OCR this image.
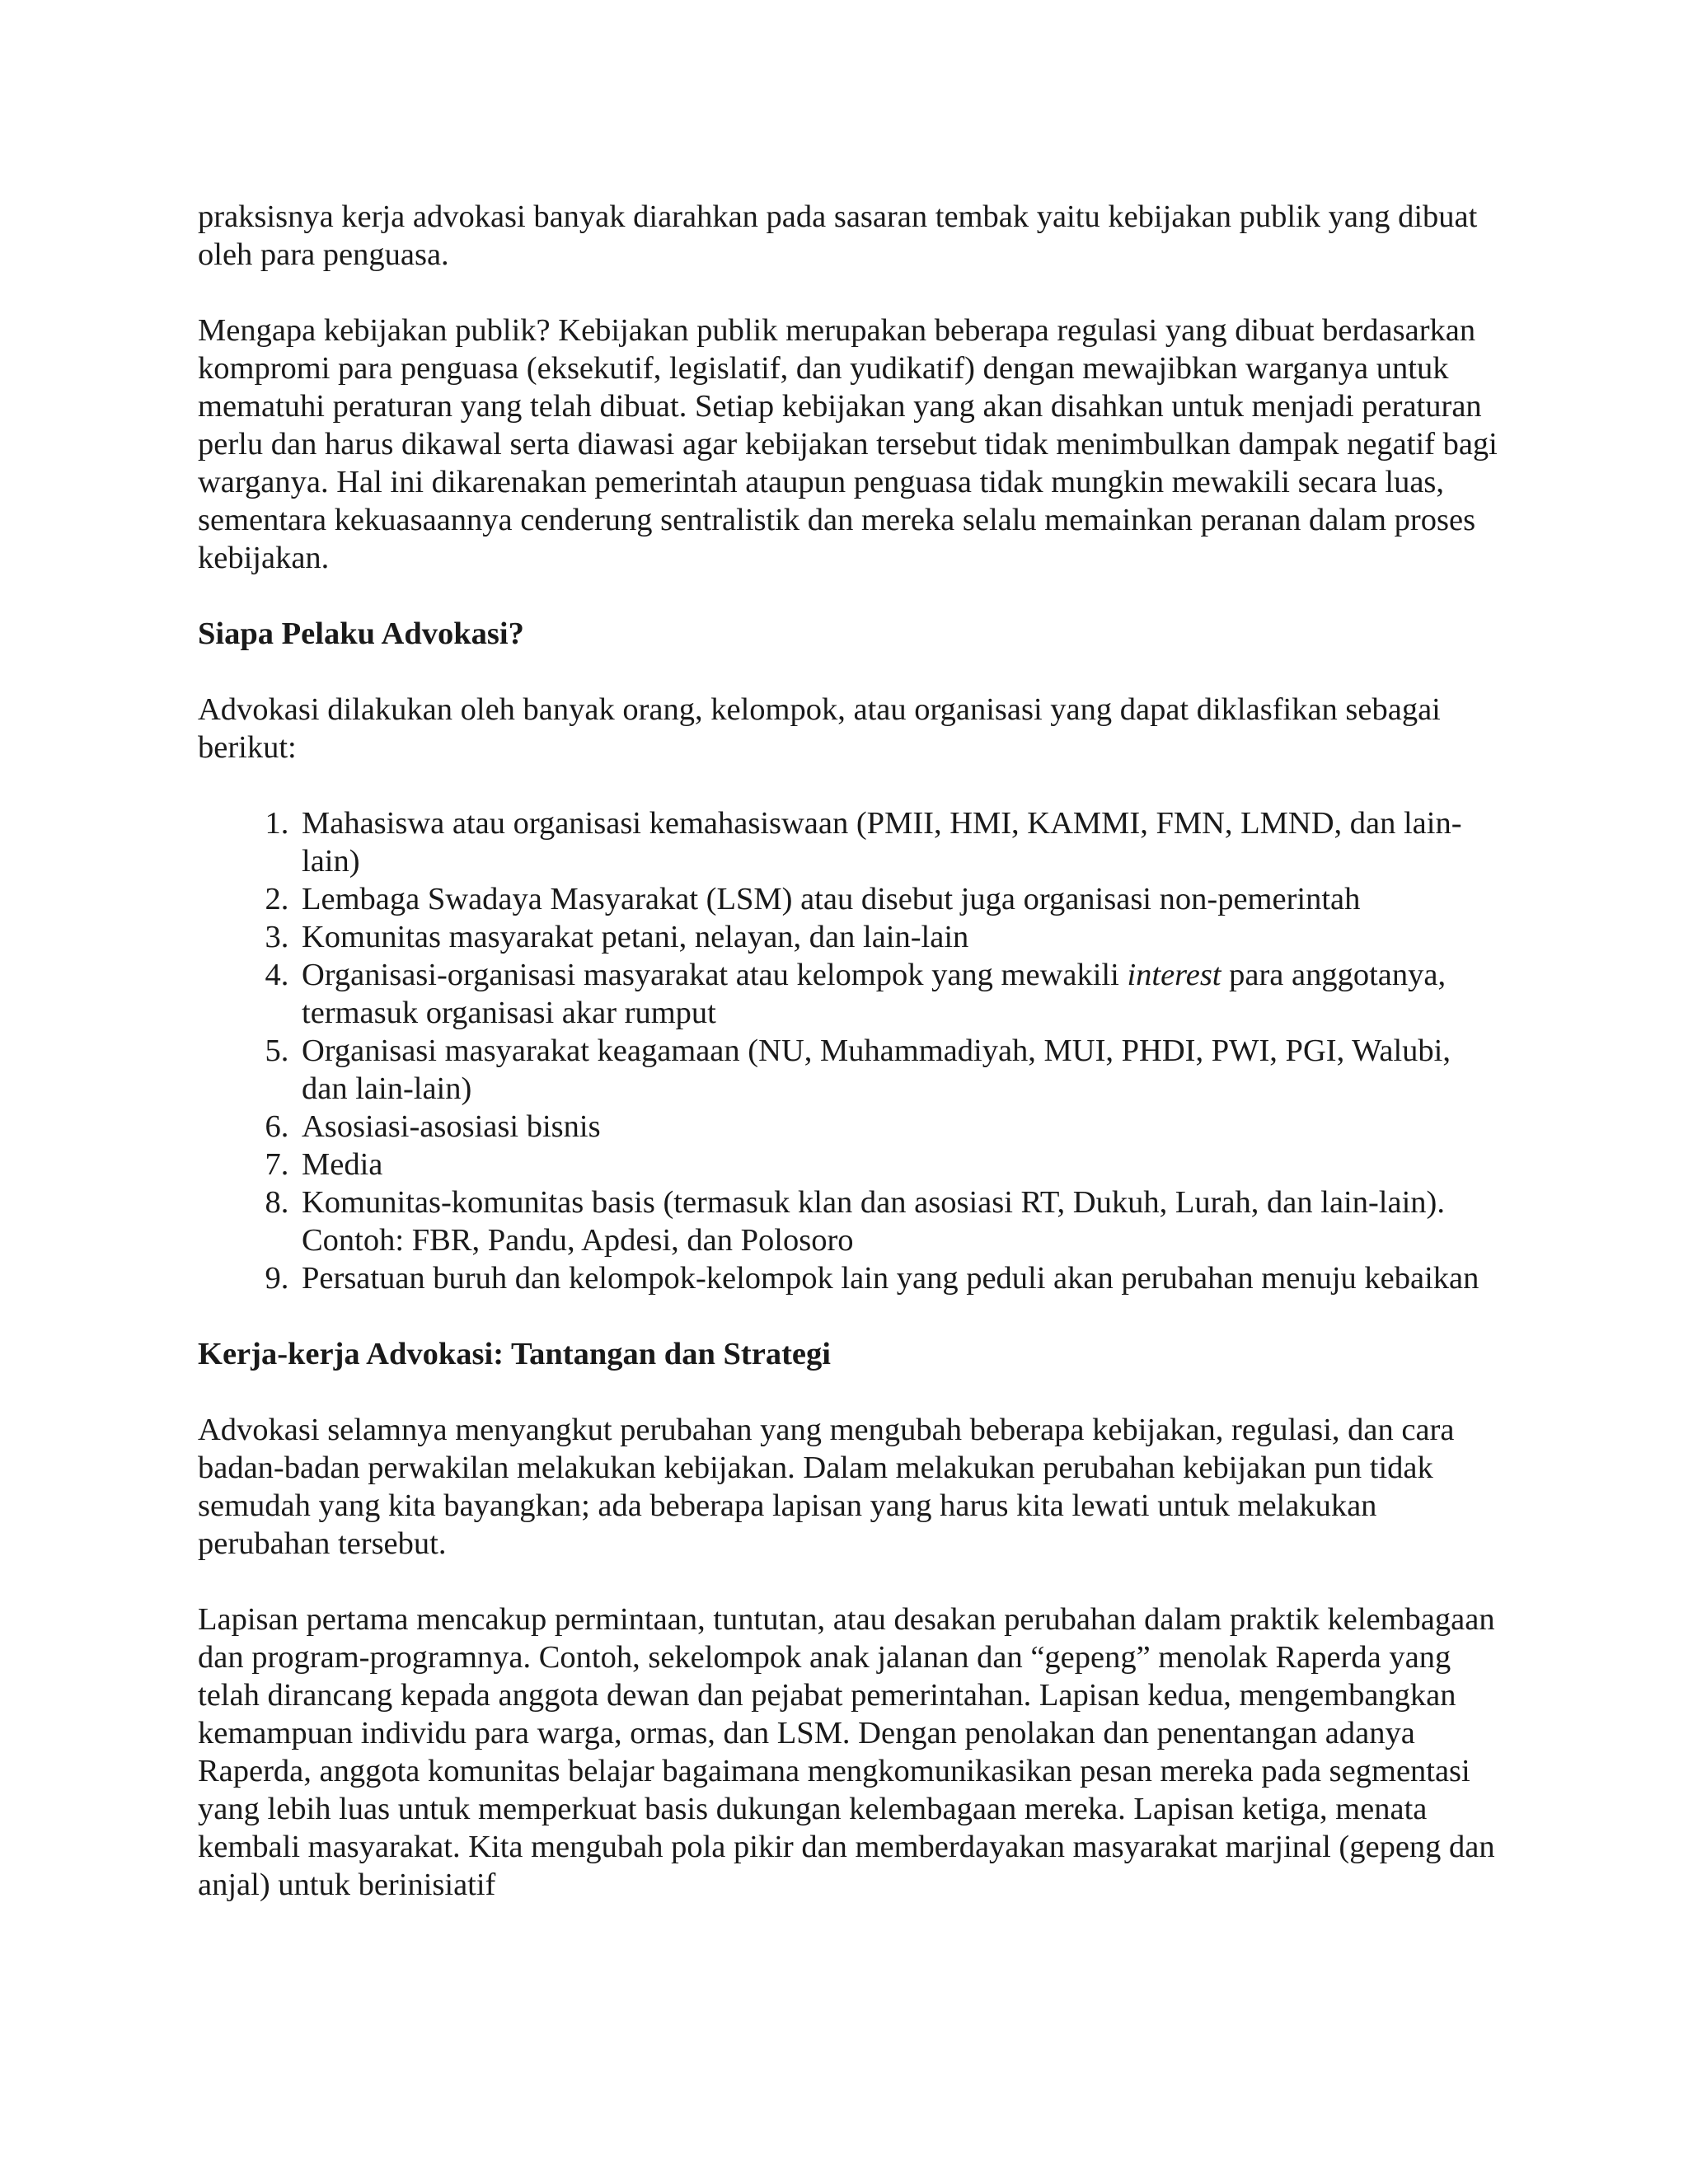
praksisnya kerja advokasi banyak diarahkan pada sasaran tembak yaitu kebijakan publik yang dibuat oleh para penguasa.

Mengapa kebijakan publik? Kebijakan publik merupakan beberapa regulasi yang dibuat berdasarkan kompromi para penguasa (eksekutif, legislatif, dan yudikatif) dengan mewajibkan warganya untuk mematuhi peraturan yang telah dibuat. Setiap kebijakan yang akan disahkan untuk menjadi peraturan perlu dan harus dikawal serta diawasi agar kebijakan tersebut tidak menimbulkan dampak negatif bagi warganya. Hal ini dikarenakan pemerintah ataupun penguasa tidak mungkin mewakili secara luas, sementara kekuasaannya cenderung sentralistik dan mereka selalu memainkan peranan dalam proses kebijakan.

Siapa Pelaku Advokasi?

Advokasi dilakukan oleh banyak orang, kelompok, atau organisasi yang dapat diklasfikan sebagai berikut:

1. Mahasiswa atau organisasi kemahasiswaan (PMII, HMI, KAMMI, FMN, LMND, dan lain-lain)
2. Lembaga Swadaya Masyarakat (LSM) atau disebut juga organisasi non-pemerintah
3. Komunitas masyarakat petani, nelayan, dan lain-lain
4. Organisasi-organisasi masyarakat atau kelompok yang mewakili interest para anggotanya, termasuk organisasi akar rumput
5. Organisasi masyarakat keagamaan (NU, Muhammadiyah, MUI, PHDI, PWI, PGI, Walubi, dan lain-lain)
6. Asosiasi-asosiasi bisnis
7. Media
8. Komunitas-komunitas basis (termasuk klan dan asosiasi RT, Dukuh, Lurah, dan lain-lain). Contoh: FBR, Pandu, Apdesi, dan Polosoro
9. Persatuan buruh dan kelompok-kelompok lain yang peduli akan perubahan menuju kebaikan
Kerja-kerja Advokasi: Tantangan dan Strategi

Advokasi selamnya menyangkut perubahan yang mengubah beberapa kebijakan, regulasi, dan cara badan-badan perwakilan melakukan kebijakan. Dalam melakukan perubahan kebijakan pun tidak semudah yang kita bayangkan; ada beberapa lapisan yang harus kita lewati untuk melakukan perubahan tersebut.

Lapisan pertama mencakup permintaan, tuntutan, atau desakan perubahan dalam praktik kelembagaan dan program-programnya. Contoh, sekelompok anak jalanan dan “gepeng” menolak Raperda yang telah dirancang kepada anggota dewan dan pejabat pemerintahan. Lapisan kedua, mengembangkan kemampuan individu para warga, ormas, dan LSM. Dengan penolakan dan penentangan adanya Raperda, anggota komunitas belajar bagaimana mengkomunikasikan pesan mereka pada segmentasi yang lebih luas untuk memperkuat basis dukungan kelembagaan mereka. Lapisan ketiga, menata kembali masyarakat. Kita mengubah pola pikir dan memberdayakan masyarakat marjinal (gepeng dan anjal) untuk berinisiatif
